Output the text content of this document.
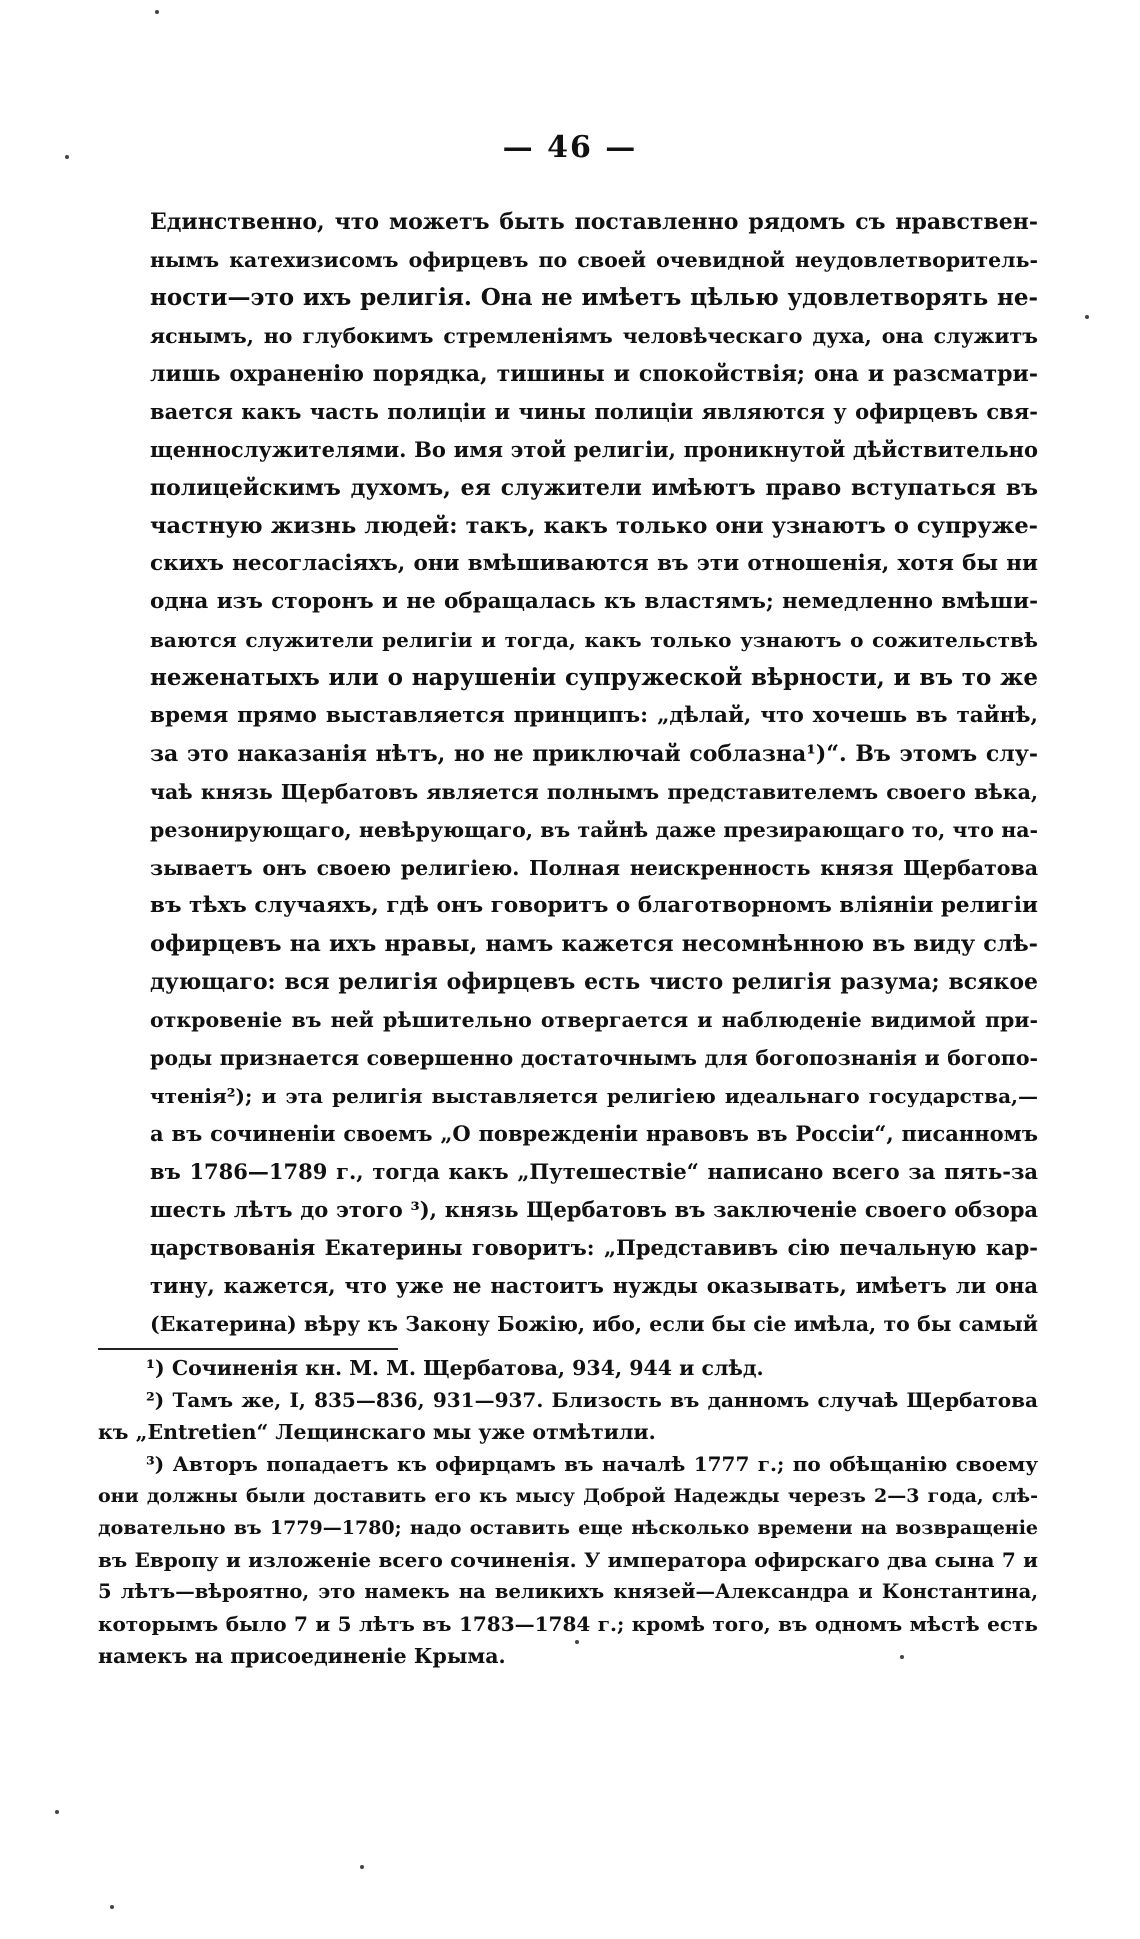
— 46 —
Единственно, что можетъ быть поставленно рядомъ съ нравствен-
нымъ катехизисомъ офирцевъ по своей очевидной неудовлетворитель-
ности—это ихъ религія. Она не имѣетъ цѣлью удовлетворять не-
яснымъ, но глубокимъ стремленіямъ человѣческаго духа, она служитъ
лишь охраненію порядка, тишины и спокойствія; она и разсматри-
вается какъ часть полиціи и чины полиціи являются у офирцевъ свя-
щеннослужителями. Во имя этой религіи, проникнутой дѣйствительно
полицейскимъ духомъ, ея служители имѣютъ право вступаться въ
частную жизнь людей: такъ, какъ только они узнаютъ о супруже-
скихъ несогласіяхъ, они вмѣшиваются въ эти отношенія, хотя бы ни
одна изъ сторонъ и не обращалась къ властямъ; немедленно вмѣши-
ваются служители религіи и тогда, какъ только узнаютъ о сожительствѣ
неженатыхъ или о нарушеніи супружеской вѣрности, и въ то же
время прямо выставляется принципъ: „дѣлай, что хочешь въ тайнѣ,
за это наказанія нѣтъ, но не приключай соблазна¹)“. Въ этомъ слу-
чаѣ князь Щербатовъ является полнымъ представителемъ своего вѣка,
резонирующаго, невѣрующаго, въ тайнѣ даже презирающаго то, что на-
зываетъ онъ своею религіею. Полная неискренность князя Щербатова
въ тѣхъ случаяхъ, гдѣ онъ говоритъ о благотворномъ вліяніи религіи
офирцевъ на ихъ нравы, намъ кажется несомнѣнною въ виду слѣ-
дующаго: вся религія офирцевъ есть чисто религія разума; всякое
откровеніе въ ней рѣшительно отвергается и наблюденіе видимой при-
роды признается совершенно достаточнымъ для богопознанія и богопо-
чтенія²); и эта религія выставляется религіею идеальнаго государства,—
а въ сочиненіи своемъ „О поврежденіи нравовъ въ Россіи“, писанномъ
въ 1786—1789 г., тогда какъ „Путешествіе“ написано всего за пять-за
шесть лѣтъ до этого ³), князь Щербатовъ въ заключеніе своего обзора
царствованія Екатерины говоритъ: „Представивъ сію печальную кар-
тину, кажется, что уже не настоитъ нужды оказывать, имѣетъ ли она
(Екатерина) вѣру къ Закону Божію, ибо, если бы сіе имѣла, то бы самый
¹) Сочиненія кн. М. М. Щербатова, 934, 944 и слѣд.
²) Тамъ же, I, 835—836, 931—937. Близость въ данномъ случаѣ Щербатова
къ „Entretien“ Лещинскаго мы уже отмѣтили.
³) Авторъ попадаетъ къ офирцамъ въ началѣ 1777 г.; по обѣщанію своему
они должны были доставить его къ мысу Доброй Надежды черезъ 2—3 года, слѣ-
довательно въ 1779—1780; надо оставить еще нѣсколько времени на возвращеніе
въ Европу и изложеніе всего сочиненія. У императора офирскаго два сына 7 и
5 лѣтъ—вѣроятно, это намекъ на великихъ князей—Александра и Константина,
которымъ было 7 и 5 лѣтъ въ 1783—1784 г.; кромѣ того, въ одномъ мѣстѣ есть
намекъ на присоединеніе Крыма.
